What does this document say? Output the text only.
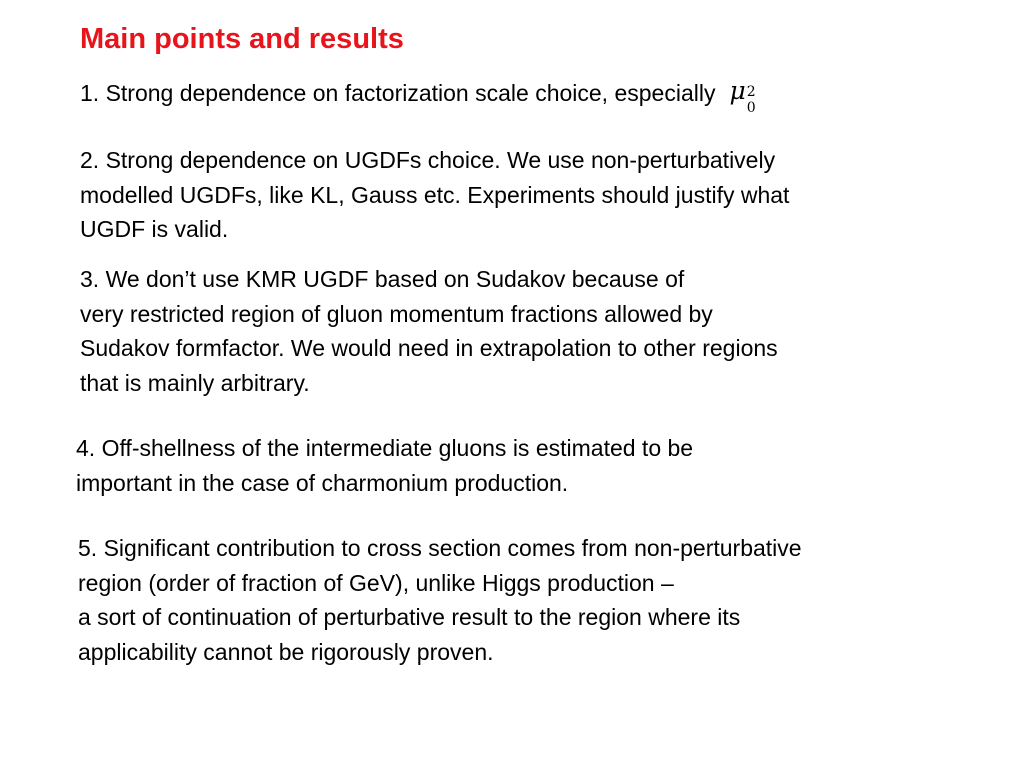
Main points and results

1. Strong dependence on factorization scale choice, especially μ 2
0

2. Strong dependence on UGDFs choice. We use non-perturbatively
modelled UGDFs, like KL, Gauss etc. Experiments should justify what
UGDF is valid.

3. We don’t use KMR UGDF based on Sudakov because of
very restricted region of gluon momentum fractions allowed by
Sudakov formfactor. We would need in extrapolation to other regions
that is mainly arbitrary.

4. Off-shellness of the intermediate gluons is estimated to be
important in the case of charmonium production.

5. Significant contribution to cross section comes from non-perturbative
region (order of fraction of GeV), unlike Higgs production –
a sort of continuation of perturbative result to the region where its
applicability cannot be rigorously proven.
